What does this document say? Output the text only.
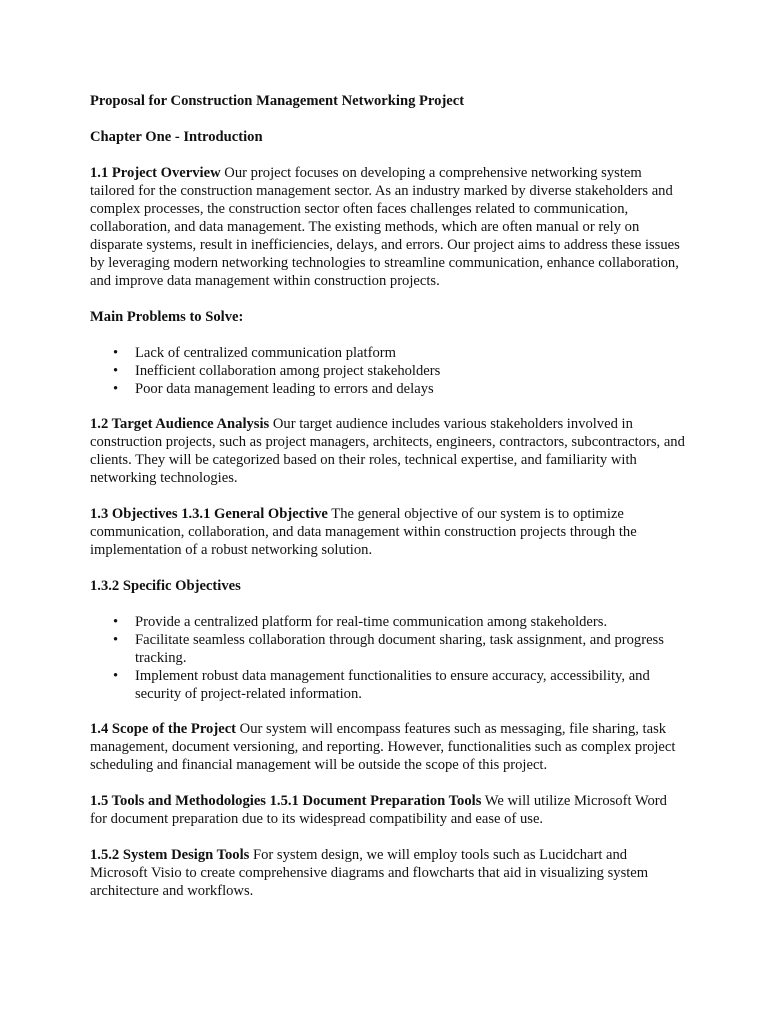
Proposal for Construction Management Networking Project

Chapter One - Introduction

1.1 Project Overview Our project focuses on developing a comprehensive networking system tailored for the construction management sector. As an industry marked by diverse stakeholders and complex processes, the construction sector often faces challenges related to communication, collaboration, and data management. The existing methods, which are often manual or rely on disparate systems, result in inefficiencies, delays, and errors. Our project aims to address these issues by leveraging modern networking technologies to streamline communication, enhance collaboration, and improve data management within construction projects.

Main Problems to Solve:

• Lack of centralized communication platform
• Inefficient collaboration among project stakeholders
• Poor data management leading to errors and delays

1.2 Target Audience Analysis Our target audience includes various stakeholders involved in construction projects, such as project managers, architects, engineers, contractors, subcontractors, and clients. They will be categorized based on their roles, technical expertise, and familiarity with networking technologies.

1.3 Objectives 1.3.1 General Objective The general objective of our system is to optimize communication, collaboration, and data management within construction projects through the implementation of a robust networking solution.

1.3.2 Specific Objectives

• Provide a centralized platform for real-time communication among stakeholders.
• Facilitate seamless collaboration through document sharing, task assignment, and progress tracking.
• Implement robust data management functionalities to ensure accuracy, accessibility, and security of project-related information.

1.4 Scope of the Project Our system will encompass features such as messaging, file sharing, task management, document versioning, and reporting. However, functionalities such as complex project scheduling and financial management will be outside the scope of this project.

1.5 Tools and Methodologies 1.5.1 Document Preparation Tools We will utilize Microsoft Word for document preparation due to its widespread compatibility and ease of use.

1.5.2 System Design Tools For system design, we will employ tools such as Lucidchart and Microsoft Visio to create comprehensive diagrams and flowcharts that aid in visualizing system architecture and workflows.
